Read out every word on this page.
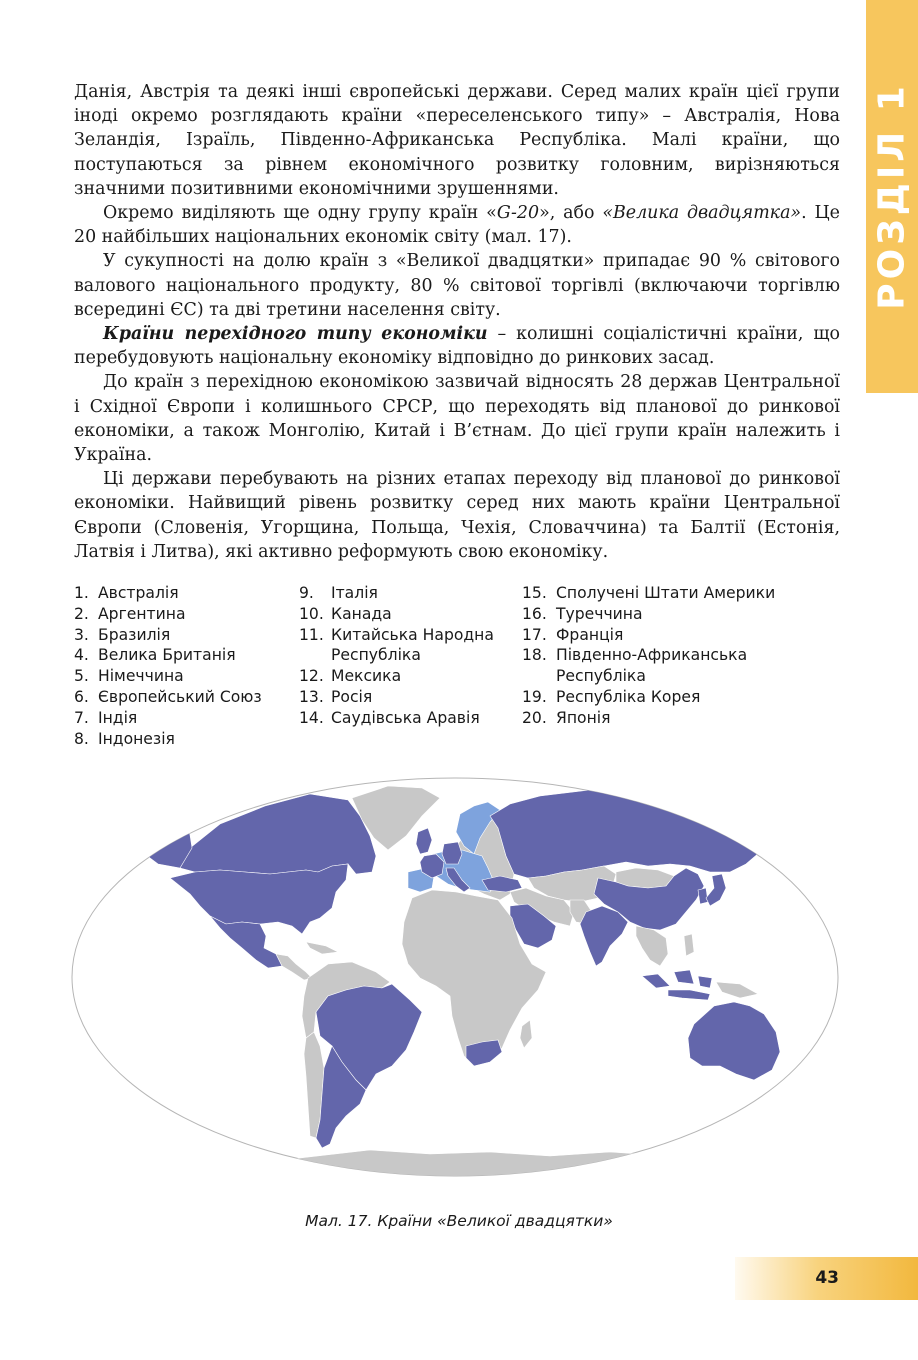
РОЗДІЛ 1

Данія, Австрія та деякі інші європейські держави. Серед малих країн цієї групи іноді окремо розглядають країни «переселенського типу» – Австралія, Нова Зеландія, Ізраїль, Південно-Африканська Республіка. Малі країни, що поступаються за рівнем економічного розвитку головним, вирізняються значними позитивними економічними зрушеннями.

Окремо виділяють ще одну групу країн «G-20», або «Велика двадцятка». Це 20 найбільших національних економік світу (мал. 17).

У сукупності на долю країн з «Великої двадцятки» припадає 90 % світового валового національного продукту, 80 % світової торгівлі (включаючи торгівлю всередині ЄС) та дві третини населення світу.

Країни перехідного типу економіки – колишні соціалістичні країни, що перебудовують національну економіку відповідно до ринкових засад.

До країн з перехідною економікою зазвичай відносять 28 держав Центральної і Східної Європи і колишнього СРСР, що переходять від планової до ринкової економіки, а також Монголію, Китай і В’єтнам. До цієї групи країн належить і Україна.

Ці держави перебувають на різних етапах переходу від планової до ринкової економіки. Найвищий рівень розвитку серед них мають країни Центральної Європи (Словенія, Угорщина, Польща, Чехія, Словаччина) та Балтії (Естонія, Латвія і Литва), які активно реформують свою економіку.

1. Австралія
2. Аргентина
3. Бразилія
4. Велика Британія
5. Німеччина
6. Європейський Союз
7. Індія
8. Індонезія
9.	Італія
10. Канада
11. Китайська Народна
Республіка
12. Мексика
13. Росія
14. Саудівська Аравія
15. Сполучені Штати Америки
16. Туреччина
17. Франція
18. Південно-Африканська
Республіка
19. Республіка Корея
20. Японія
Мал. 17. Країни «Великої двадцятки»
43
